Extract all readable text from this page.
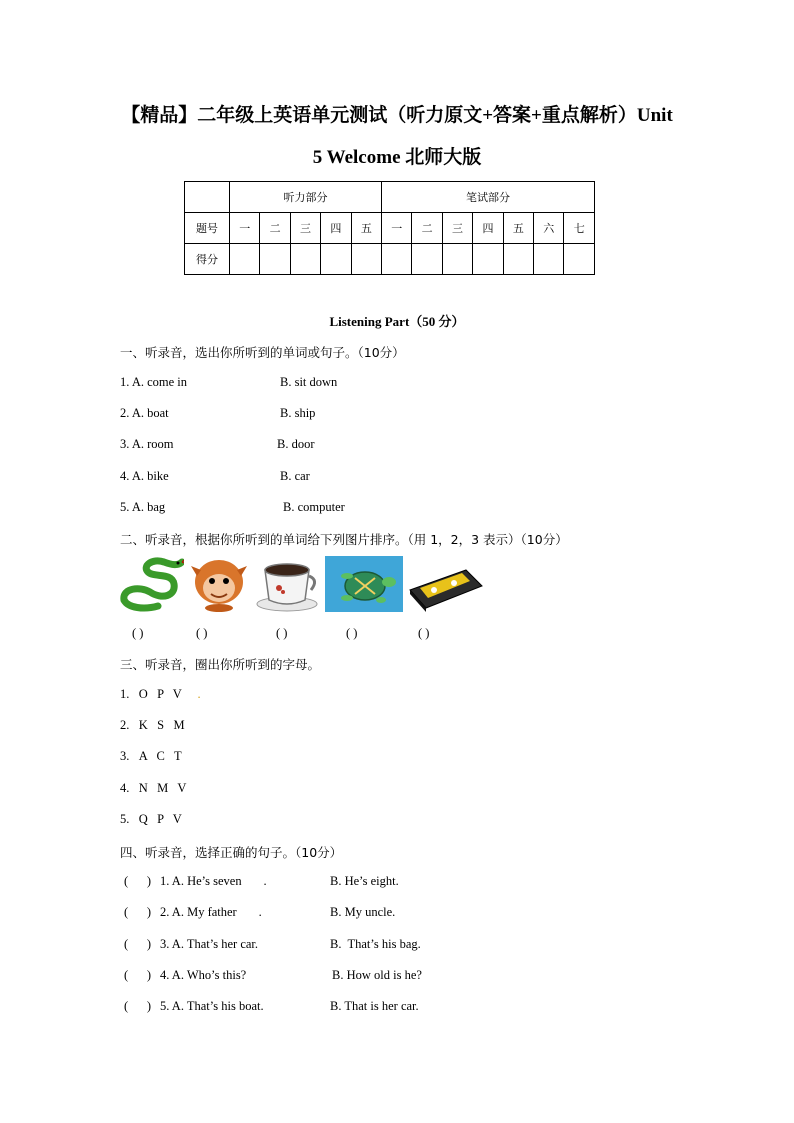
【精品】二年级上英语单元测试（听力原文+答案+重点解析）Unit
5 Welcome 北师大版
	听力部分					笔试部分						
题号	一	二	三	四	五	一	二	三	四	五	六	七
得分												
Listening Part（50 分）
一、听录音，选出你所听到的单词或句子。（10分）
1. A. come in	B. sit down
2. A. boat	B. ship
3. A. room	B. door
4. A. bike	B. car
5. A. bag	B. computer
二、听录音，根据你所听到的单词给下列图片排序。（用 1，2，3 表示）（10分）
( )	( )	( )	( )	( )
三、听录音，圈出你所听到的字母。
1. O   P   V .
2. K   S   M
3. A   C   T
4. N   M   V
5. Q   P   V
四、听录音，选择正确的句子。（10分）
(      ) 1. A. He’s seven       .	B. He’s eight.
(      ) 2. A. My father       .	B. My uncle.
(      ) 3. A. That’s her car.	B.  That’s his bag.
(      ) 4. A. Who’s this?	B. How old is he?
(      ) 5. A. That’s his boat.	B. That is her car.
